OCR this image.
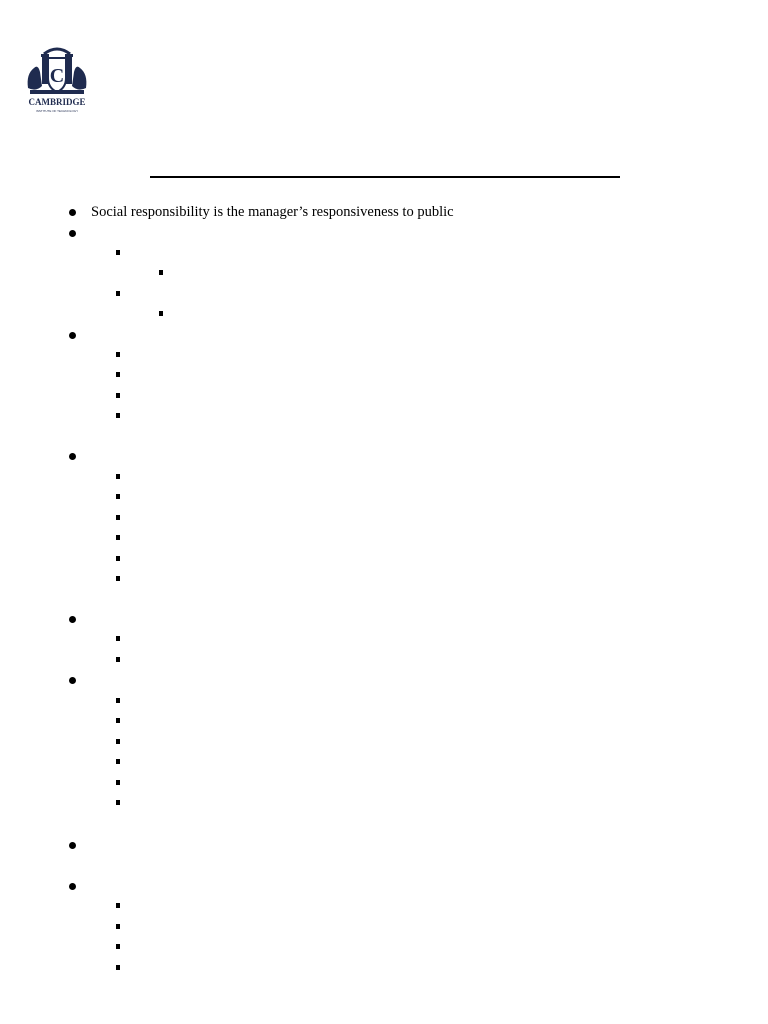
C
CAMBRIDGE
INSTITUTE OF TECHNOLOGY
Social responsibility is the manager’s responsiveness to public
